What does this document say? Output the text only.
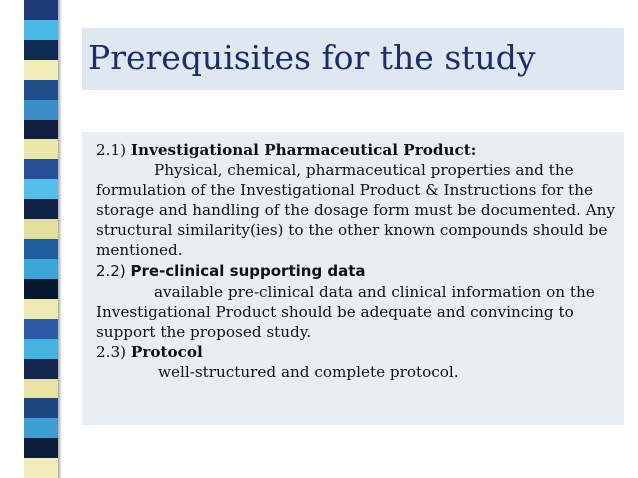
Prerequisites for the study

2.1) Investigational Pharmaceutical Product:

Physical, chemical, pharmaceutical properties and the formulation of the Investigational Product & Instructions for the storage and handling of the dosage form must be documented. Any structural similarity(ies) to the other known compounds should be mentioned.

2.2) Pre-clinical supporting data

available pre-clinical data and clinical information on the Investigational Product should be adequate and convincing to support the proposed study.

2.3) Protocol

well-structured and complete protocol.
